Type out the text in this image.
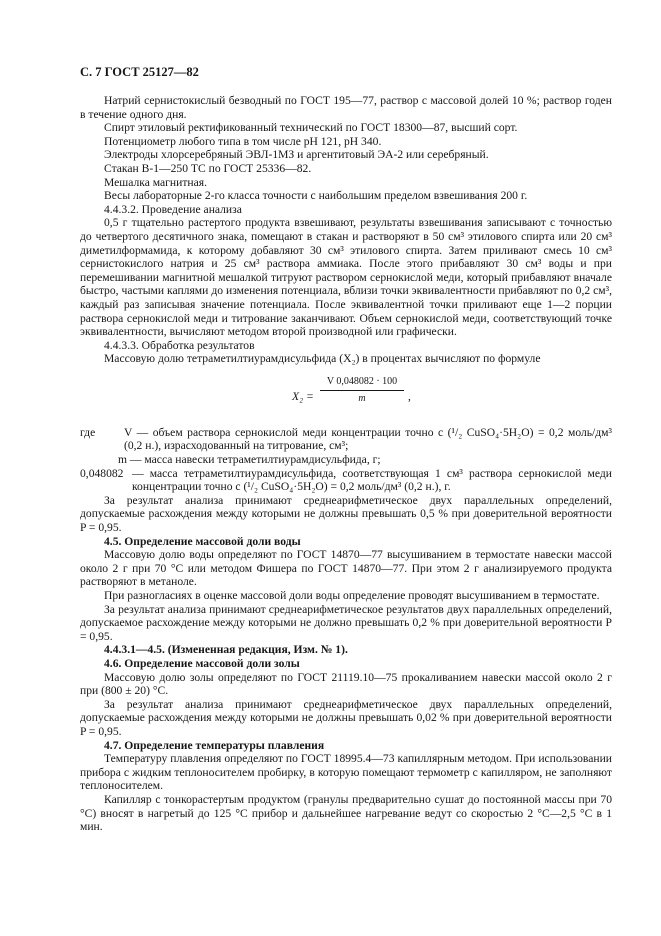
С. 7 ГОСТ 25127—82

Натрий сернистокислый безводный по ГОСТ 195—77, раствор с массовой долей 10 %; раствор годен в течение одного дня.

Спирт этиловый ректификованный технический по ГОСТ 18300—87, высший сорт.

Потенциометр любого типа в том числе рН 121, рН 340.

Электроды хлорсеребряный ЭВЛ-1МЗ и аргентитовый ЭА-2 или серебряный.

Стакан В-1—250 ТС по ГОСТ 25336—82.

Мешалка магнитная.

Весы лабораторные 2-го класса точности с наибольшим пределом взвешивания 200 г.

4.4.3.2. Проведение анализа

0,5 г тщательно растертого продукта взвешивают, результаты взвешивания записывают с точностью до четвертого десятичного знака, помещают в стакан и растворяют в 50 см³ этилового спирта или 20 см³ диметилформамида, к которому добавляют 30 см³ этилового спирта. Затем приливают смесь 10 см³ сернистокислого натрия и 25 см³ раствора аммиака. После этого прибавляют 30 см³ воды и при перемешивании магнитной мешалкой титруют раствором сернокислой меди, который прибавляют вначале быстро, частыми каплями до изменения потенциала, вблизи точки эквивалентности прибавляют по 0,2 см³, каждый раз записывая значение потенциала. После эквивалентной точки приливают еще 1—2 порции раствора сернокислой меди и титрование заканчивают. Объем сернокислой меди, соответствующий точке эквивалентности, вычисляют методом второй производной или графически.

4.4.3.3. Обработка результатов

Массовую долю тетраметилтиурамдисульфида (X₂) в процентах вычисляют по формуле

X₂ =
V 0,048082 · 100
m	,
где	V — объем раствора сернокислой меди концентрации точно c (¹/₂ CuSO₄·5H₂O) = 0,2 моль/дм³ (0,2 н.), израсходованный на титрование, см³;
m — масса навески тетраметилтиурамдисульфида, г;
0,048082 — масса тетраметилтиурамдисульфида, соответствующая 1 см³ раствора сернокислой меди концентрации точно c (¹/₂ CuSO₄·5H₂O) = 0,2 моль/дм³ (0,2 н.), г.

За результат анализа принимают среднеарифметическое двух параллельных определений, допускаемые расхождения между которыми не должны превышать 0,5 % при доверительной вероятности P = 0,95.

4.5. Определение массовой доли воды

Массовую долю воды определяют по ГОСТ 14870—77 высушиванием в термостате навески массой около 2 г при 70 °С или методом Фишера по ГОСТ 14870—77. При этом 2 г анализируемого продукта растворяют в метаноле.

При разногласиях в оценке массовой доли воды определение проводят высушиванием в термостате.

За результат анализа принимают среднеарифметическое результатов двух параллельных определений, допускаемое расхождение между которыми не должно превышать 0,2 % при доверительной вероятности P = 0,95.

4.4.3.1—4.5. (Измененная редакция, Изм. № 1).

4.6. Определение массовой доли золы

Массовую долю золы определяют по ГОСТ 21119.10—75 прокаливанием навески массой около 2 г при (800 ± 20) °С.

За результат анализа принимают среднеарифметическое двух параллельных определений, допускаемые расхождения между которыми не должны превышать 0,02 % при доверительной вероятности P = 0,95.

4.7. Определение температуры плавления

Температуру плавления определяют по ГОСТ 18995.4—73 капиллярным методом. При использовании прибора с жидким теплоносителем пробирку, в которую помещают термометр с капилляром, не заполняют теплоносителем.

Капилляр с тонкорастертым продуктом (гранулы предварительно сушат до постоянной массы при 70 °С) вносят в нагретый до 125 °С прибор и дальнейшее нагревание ведут со скоростью 2 °С—2,5 °С в 1 мин.
